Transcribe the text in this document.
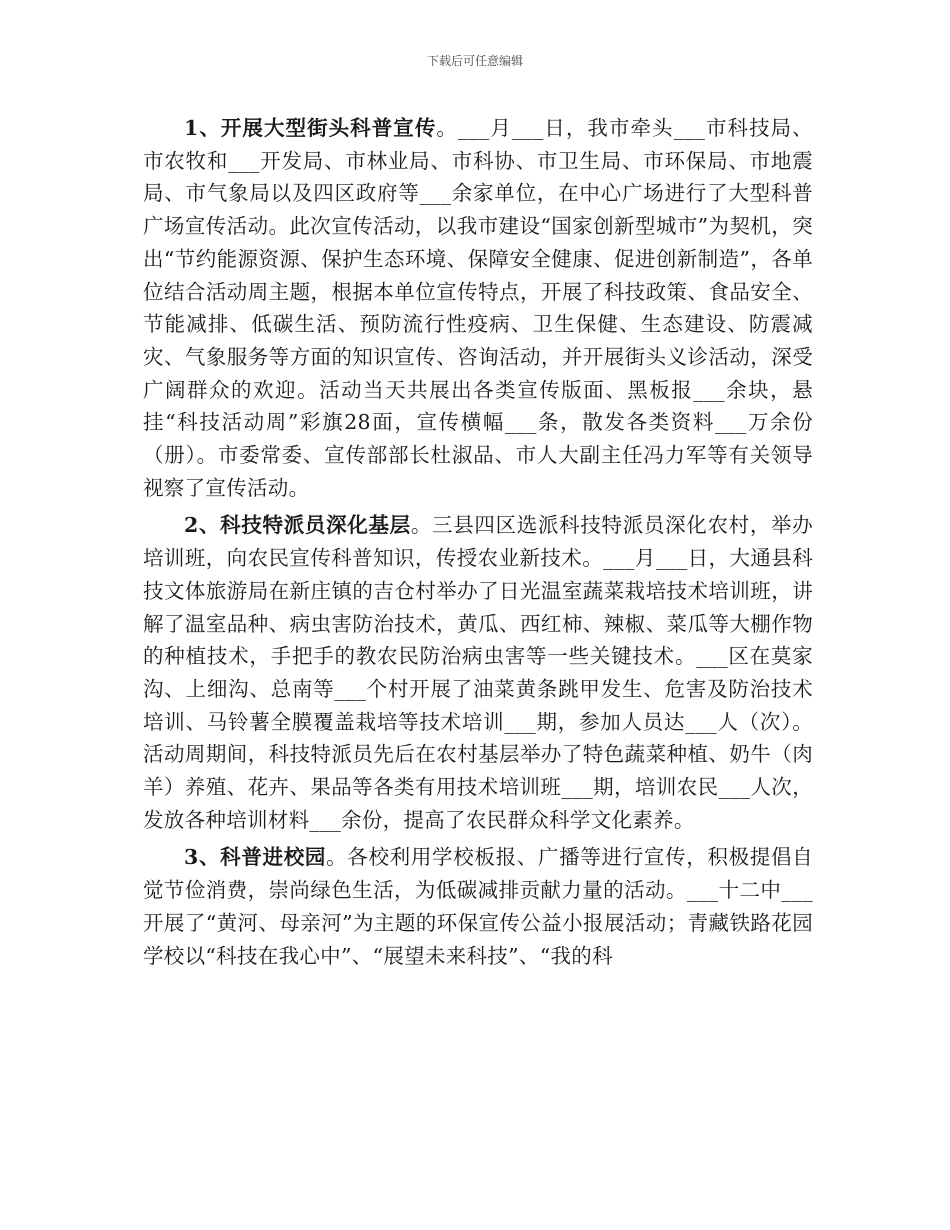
下载后可任意编辑

1、开展大型街头科普宣传。___月___日，我市牵头___市科技局、市农牧和___开发局、市林业局、市科协、市卫生局、市环保局、市地震局、市气象局以及四区政府等___余家单位，在中心广场进行了大型科普广场宣传活动。此次宣传活动，以我市建设“国家创新型城市”为契机，突出“节约能源资源、保护生态环境、保障安全健康、促进创新制造”，各单位结合活动周主题，根据本单位宣传特点，开展了科技政策、食品安全、节能减排、低碳生活、预防流行性疫病、卫生保健、生态建设、防震减灾、气象服务等方面的知识宣传、咨询活动，并开展街头义诊活动，深受广阔群众的欢迎。活动当天共展出各类宣传版面、黑板报___余块，悬挂“科技活动周”彩旗28面，宣传横幅___条，散发各类资料___万余份（册）。市委常委、宣传部部长杜淑品、市人大副主任冯力军等有关领导视察了宣传活动。

2、科技特派员深化基层。三县四区选派科技特派员深化农村，举办培训班，向农民宣传科普知识，传授农业新技术。___月___日，大通县科技文体旅游局在新庄镇的吉仓村举办了日光温室蔬菜栽培技术培训班，讲解了温室品种、病虫害防治技术，黄瓜、西红柿、辣椒、菜瓜等大棚作物的种植技术，手把手的教农民防治病虫害等一些关键技术。___区在莫家沟、上细沟、总南等___个村开展了油菜黄条跳甲发生、危害及防治技术培训、马铃薯全膜覆盖栽培等技术培训___期，参加人员达___人（次）。活动周期间，科技特派员先后在农村基层举办了特色蔬菜种植、奶牛（肉羊）养殖、花卉、果品等各类有用技术培训班___期，培训农民___人次，发放各种培训材料___余份，提高了农民群众科学文化素养。

3、科普进校园。各校利用学校板报、广播等进行宣传，积极提倡自觉节俭消费，崇尚绿色生活，为低碳减排贡献力量的活动。___十二中___开展了“黄河、母亲河”为主题的环保宣传公益小报展活动；青藏铁路花园学校以“科技在我心中”、“展望未来科技”、“我的科
